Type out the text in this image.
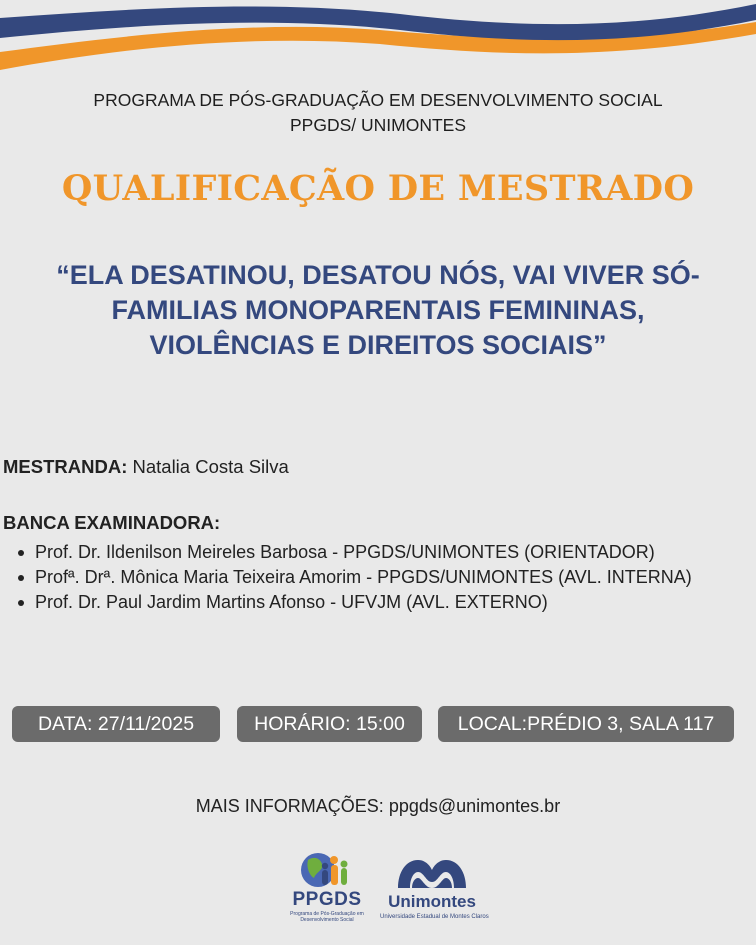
PROGRAMA DE PÓS-GRADUAÇÃO EM DESENVOLVIMENTO SOCIAL
PPGDS/ UNIMONTES
QUALIFICAÇÃO DE MESTRADO
“ELA DESATINOU, DESATOU NÓS, VAI VIVER SÓ-
FAMILIAS MONOPARENTAIS FEMININAS,
VIOLÊNCIAS E DIREITOS SOCIAIS”
MESTRANDA: Natalia Costa Silva
BANCA EXAMINADORA:
Prof. Dr. Ildenilson Meireles Barbosa - PPGDS/UNIMONTES (ORIENTADOR)
Profª. Drª. Mônica Maria Teixeira Amorim - PPGDS/UNIMONTES (AVL. INTERNA)
Prof. Dr. Paul Jardim Martins Afonso - UFVJM (AVL. EXTERNO)
DATA: 27/11/2025	HORÁRIO: 15:00	LOCAL:PRÉDIO 3, SALA 117
MAIS INFORMAÇÕES: ppgds@unimontes.br
PPGDS
Programa de Pós-Graduação em
Desenvolvimento Social
Unimontes
Universidade Estadual de Montes Claros
